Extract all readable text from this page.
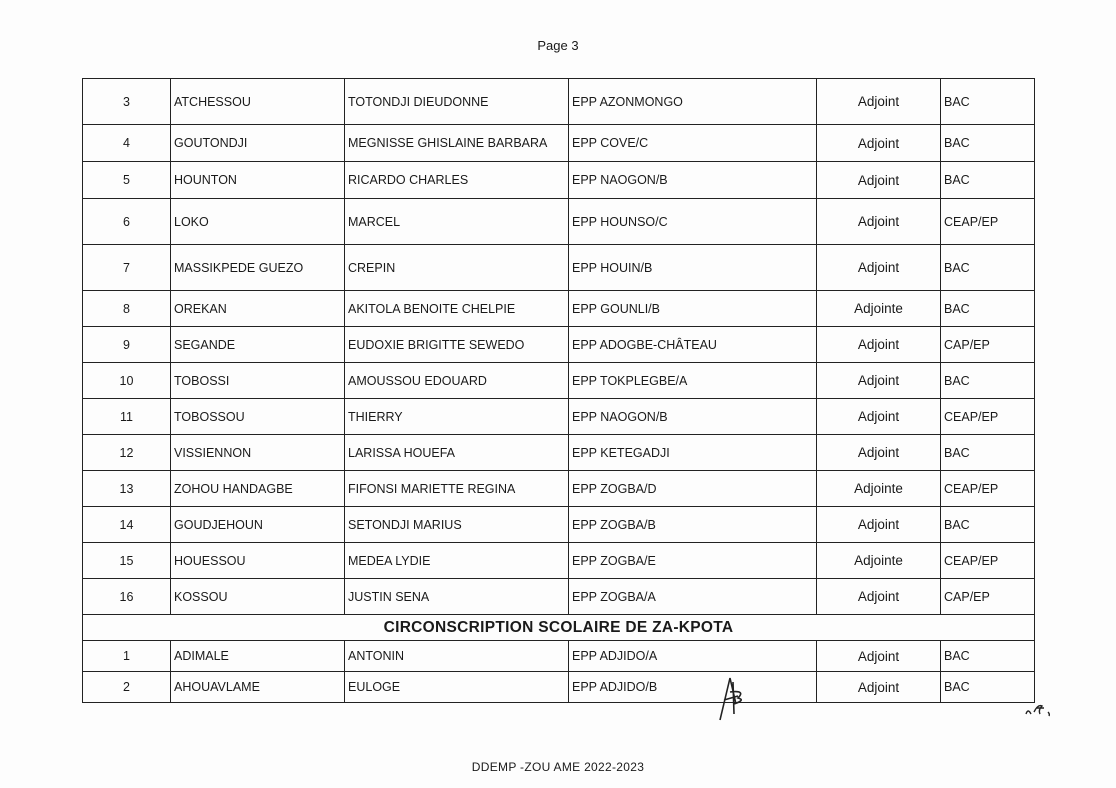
Page 3
3	ATCHESSOU	TOTONDJI DIEUDONNE	EPP AZONMONGO	Adjoint	BAC
4	GOUTONDJI	MEGNISSE GHISLAINE BARBARA	EPP COVE/C	Adjoint	BAC
5	HOUNTON	RICARDO CHARLES	EPP NAOGON/B	Adjoint	BAC
6	LOKO	MARCEL	EPP HOUNSO/C	Adjoint	CEAP/EP
7	MASSIKPEDE GUEZO	CREPIN	EPP HOUIN/B	Adjoint	BAC
8	OREKAN	AKITOLA BENOITE CHELPIE	EPP GOUNLI/B	Adjointe	BAC
9	SEGANDE	EUDOXIE BRIGITTE SEWEDO	EPP ADOGBE-CHÂTEAU	Adjoint	CAP/EP
10	TOBOSSI	AMOUSSOU EDOUARD	EPP TOKPLEGBE/A	Adjoint	BAC
11	TOBOSSOU	THIERRY	EPP NAOGON/B	Adjoint	CEAP/EP
12	VISSIENNON	LARISSA HOUEFA	EPP KETEGADJI	Adjoint	BAC
13	ZOHOU HANDAGBE	FIFONSI MARIETTE REGINA	EPP ZOGBA/D	Adjointe	CEAP/EP
14	GOUDJEHOUN	SETONDJI MARIUS	EPP ZOGBA/B	Adjoint	BAC
15	HOUESSOU	MEDEA LYDIE	EPP ZOGBA/E	Adjointe	CEAP/EP
16	KOSSOU	JUSTIN SENA	EPP ZOGBA/A	Adjoint	CAP/EP
CIRCONSCRIPTION SCOLAIRE DE ZA-KPOTA					
1	ADIMALE	ANTONIN	EPP ADJIDO/A	Adjoint	BAC
2	AHOUAVLAME	EULOGE	EPP ADJIDO/B	Adjoint	BAC
DDEMP -ZOU AME 2022-2023
